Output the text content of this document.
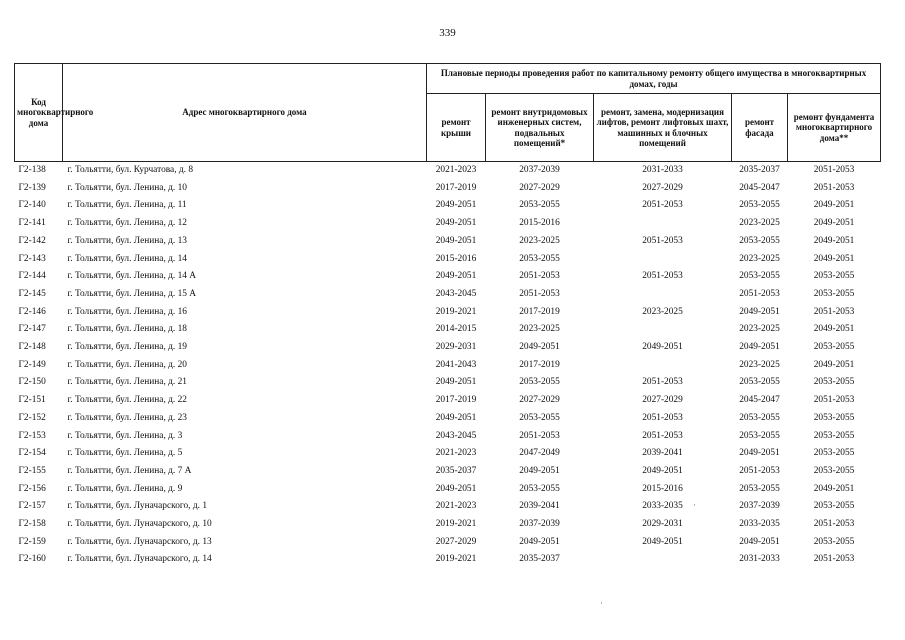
339
Код многоквартирного дома	Адрес многоквартирного дома	Плановые периоды проведения работ по капитальному ремонту общего имущества в многоквартирных домах, годы				
		ремонт крыши	ремонт внутридомовых инженерных систем, подвальных помещений*	ремонт, замена, модернизация лифтов, ремонт лифтовых шахт, машинных и блочных помещений	ремонт фасада	ремонт фундамента многоквартирного дома**
Г2-138	г. Тольятти, бул. Курчатова, д. 8	2021-2023	2037-2039	2031-2033	2035-2037	2051-2053
Г2-139	г. Тольятти, бул. Ленина, д. 10	2017-2019	2027-2029	2027-2029	2045-2047	2051-2053
Г2-140	г. Тольятти, бул. Ленина, д. 11	2049-2051	2053-2055	2051-2053	2053-2055	2049-2051
Г2-141	г. Тольятти, бул. Ленина, д. 12	2049-2051	2015-2016		2023-2025	2049-2051
Г2-142	г. Тольятти, бул. Ленина, д. 13	2049-2051	2023-2025	2051-2053	2053-2055	2049-2051
Г2-143	г. Тольятти, бул. Ленина, д. 14	2015-2016	2053-2055		2023-2025	2049-2051
Г2-144	г. Тольятти, бул. Ленина, д. 14 А	2049-2051	2051-2053	2051-2053	2053-2055	2053-2055
Г2-145	г. Тольятти, бул. Ленина, д. 15 А	2043-2045	2051-2053		2051-2053	2053-2055
Г2-146	г. Тольятти, бул. Ленина, д. 16	2019-2021	2017-2019	2023-2025	2049-2051	2051-2053
Г2-147	г. Тольятти, бул. Ленина, д. 18	2014-2015	2023-2025		2023-2025	2049-2051
Г2-148	г. Тольятти, бул. Ленина, д. 19	2029-2031	2049-2051	2049-2051	2049-2051	2053-2055
Г2-149	г. Тольятти, бул. Ленина, д. 20	2041-2043	2017-2019		2023-2025	2049-2051
Г2-150	г. Тольятти, бул. Ленина, д. 21	2049-2051	2053-2055	2051-2053	2053-2055	2053-2055
Г2-151	г. Тольятти, бул. Ленина, д. 22	2017-2019	2027-2029	2027-2029	2045-2047	2051-2053
Г2-152	г. Тольятти, бул. Ленина, д. 23	2049-2051	2053-2055	2051-2053	2053-2055	2053-2055
Г2-153	г. Тольятти, бул. Ленина, д. 3	2043-2045	2051-2053	2051-2053	2053-2055	2053-2055
Г2-154	г. Тольятти, бул. Ленина, д. 5	2021-2023	2047-2049	2039-2041	2049-2051	2053-2055
Г2-155	г. Тольятти, бул. Ленина, д. 7 А	2035-2037	2049-2051	2049-2051	2051-2053	2053-2055
Г2-156	г. Тольятти, бул. Ленина, д. 9	2049-2051	2053-2055	2015-2016	2053-2055	2049-2051
Г2-157	г. Тольятти, бул. Луначарского, д. 1	2021-2023	2039-2041	2033-2035	2037-2039	2053-2055
Г2-158	г. Тольятти, бул. Луначарского, д. 10	2019-2021	2037-2039	2029-2031	2033-2035	2051-2053
Г2-159	г. Тольятти, бул. Луначарского, д. 13	2027-2029	2049-2051	2049-2051	2049-2051	2053-2055
Г2-160	г. Тольятти, бул. Луначарского, д. 14	2019-2021	2035-2037		2031-2033	2051-2053
·
·
